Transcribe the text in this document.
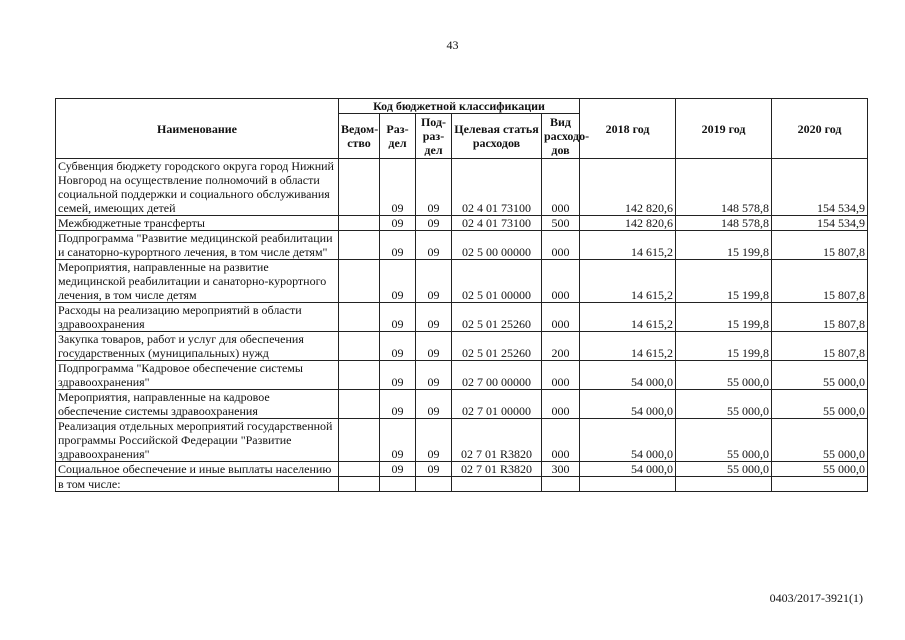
43
Наименование	Код бюджетной классификации					2018 год	2019 год	2020 год
	Ведом-ство	Раз-дел	Под-раз-дел	Целевая статья расходов	Вид расходо-дов			
Субвенция бюджету городского округа город Нижний Новгород на осуществление полномочий в области социальной поддержки и социального обслуживания семей, имеющих детей		09	09	02 4 01 73100	000	142 820,6	148 578,8	154 534,9
Межбюджетные трансферты		09	09	02 4 01 73100	500	142 820,6	148 578,8	154 534,9
Подпрограмма "Развитие медицинской реабилитации и санаторно-курортного лечения, в том числе детям"		09	09	02 5 00 00000	000	14 615,2	15 199,8	15 807,8
Мероприятия, направленные на развитие медицинской реабилитации и санаторно-курортного лечения, в том числе детям		09	09	02 5 01 00000	000	14 615,2	15 199,8	15 807,8
Расходы на реализацию мероприятий в области здравоохранения		09	09	02 5 01 25260	000	14 615,2	15 199,8	15 807,8
Закупка товаров, работ и услуг для обеспечения государственных (муниципальных) нужд		09	09	02 5 01 25260	200	14 615,2	15 199,8	15 807,8
Подпрограмма "Кадровое обеспечение системы здравоохранения"		09	09	02 7 00 00000	000	54 000,0	55 000,0	55 000,0
Мероприятия, направленные на кадровое обеспечение системы здравоохранения		09	09	02 7 01 00000	000	54 000,0	55 000,0	55 000,0
Реализация отдельных мероприятий государственной программы Российской Федерации "Развитие здравоохранения"		09	09	02 7 01 R3820	000	54 000,0	55 000,0	55 000,0
Социальное обеспечение и иные выплаты населению		09	09	02 7 01 R3820	300	54 000,0	55 000,0	55 000,0
в том числе:								
0403/2017-3921(1)
